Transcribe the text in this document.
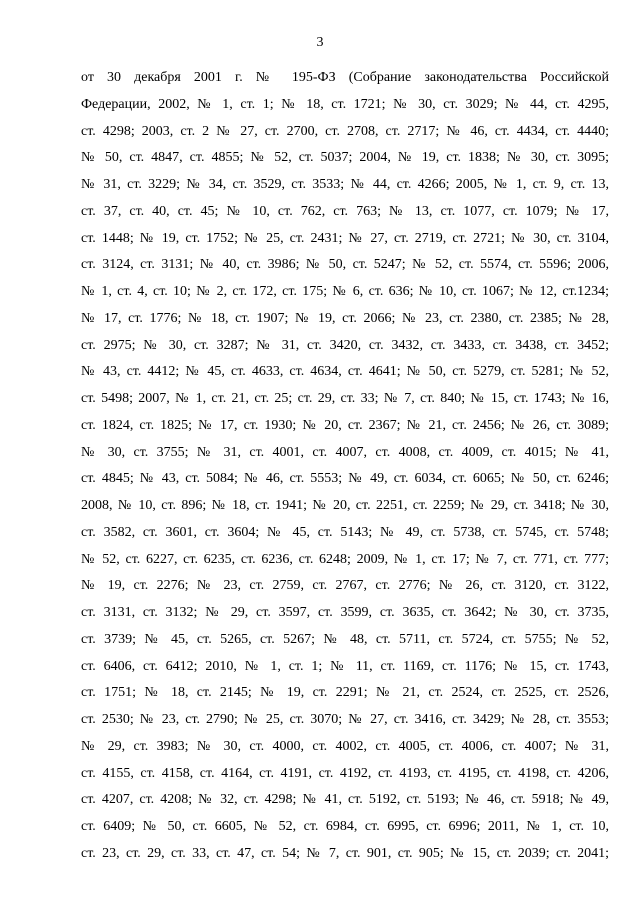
3
от 30 декабря 2001 г. № 195-ФЗ (Собрание законодательства Российской
Федерации, 2002, № 1, ст. 1; № 18, ст. 1721; № 30, ст. 3029; № 44, ст. 4295,
ст. 4298; 2003, ст. 2 № 27, ст. 2700, ст. 2708, ст. 2717; № 46, ст. 4434, ст. 4440;
№ 50, ст. 4847, ст. 4855; № 52, ст. 5037; 2004, № 19, ст. 1838; № 30, ст. 3095;
№ 31, ст. 3229; № 34, ст. 3529, ст. 3533; № 44, ст. 4266; 2005, № 1, ст. 9, ст. 13,
ст. 37, ст. 40, ст. 45; № 10, ст. 762, ст. 763; № 13, ст. 1077, ст. 1079; № 17,
ст. 1448; № 19, ст. 1752; № 25, ст. 2431; № 27, ст. 2719, ст. 2721; № 30, ст. 3104,
ст. 3124, ст. 3131; № 40, ст. 3986; № 50, ст. 5247; № 52, ст. 5574, ст. 5596; 2006,
№ 1, ст. 4, ст. 10; № 2, ст. 172, ст. 175; № 6, ст. 636; № 10, ст. 1067; № 12, ст.1234;
№ 17, ст. 1776; № 18, ст. 1907; № 19, ст. 2066; № 23, ст. 2380, ст. 2385; № 28,
ст. 2975; № 30, ст. 3287; № 31, ст. 3420, ст. 3432, ст. 3433, ст. 3438, ст. 3452;
№ 43, ст. 4412; № 45, ст. 4633, ст. 4634, ст. 4641; № 50, ст. 5279, ст. 5281; № 52,
ст. 5498; 2007, № 1, ст. 21, ст. 25; ст. 29, ст. 33; № 7, ст. 840; № 15, ст. 1743; № 16,
ст. 1824, ст. 1825; № 17, ст. 1930; № 20, ст. 2367; № 21, ст. 2456; № 26, ст. 3089;
№ 30, ст. 3755; № 31, ст. 4001, ст. 4007, ст. 4008, ст. 4009, ст. 4015; № 41,
ст. 4845; № 43, ст. 5084; № 46, ст. 5553; № 49, ст. 6034, ст. 6065; № 50, ст. 6246;
2008, № 10, ст. 896; № 18, ст. 1941; № 20, ст. 2251, ст. 2259; № 29, ст. 3418; № 30,
ст. 3582, ст. 3601, ст. 3604; № 45, ст. 5143; № 49, ст. 5738, ст. 5745, ст. 5748;
№ 52, ст. 6227, ст. 6235, ст. 6236, ст. 6248; 2009, № 1, ст. 17; № 7, ст. 771, ст. 777;
№ 19, ст. 2276; № 23, ст. 2759, ст. 2767, ст. 2776; № 26, ст. 3120, ст. 3122,
ст. 3131, ст. 3132; № 29, ст. 3597, ст. 3599, ст. 3635, ст. 3642; № 30, ст. 3735,
ст. 3739; № 45, ст. 5265, ст. 5267; № 48, ст. 5711, ст. 5724, ст. 5755; № 52,
ст. 6406, ст. 6412; 2010, № 1, ст. 1; № 11, ст. 1169, ст. 1176; № 15, ст. 1743,
ст. 1751; № 18, ст. 2145; № 19, ст. 2291; № 21, ст. 2524, ст. 2525, ст. 2526,
ст. 2530; № 23, ст. 2790; № 25, ст. 3070; № 27, ст. 3416, ст. 3429; № 28, ст. 3553;
№ 29, ст. 3983; № 30, ст. 4000, ст. 4002, ст. 4005, ст. 4006, ст. 4007; № 31,
ст. 4155, ст. 4158, ст. 4164, ст. 4191, ст. 4192, ст. 4193, ст. 4195, ст. 4198, ст. 4206,
ст. 4207, ст. 4208; № 32, ст. 4298; № 41, ст. 5192, ст. 5193; № 46, ст. 5918; № 49,
ст. 6409; № 50, ст. 6605, № 52, ст. 6984, ст. 6995, ст. 6996; 2011, № 1, ст. 10,
ст. 23, ст. 29, ст. 33, ст. 47, ст. 54; № 7, ст. 901, ст. 905; № 15, ст. 2039; ст. 2041;
